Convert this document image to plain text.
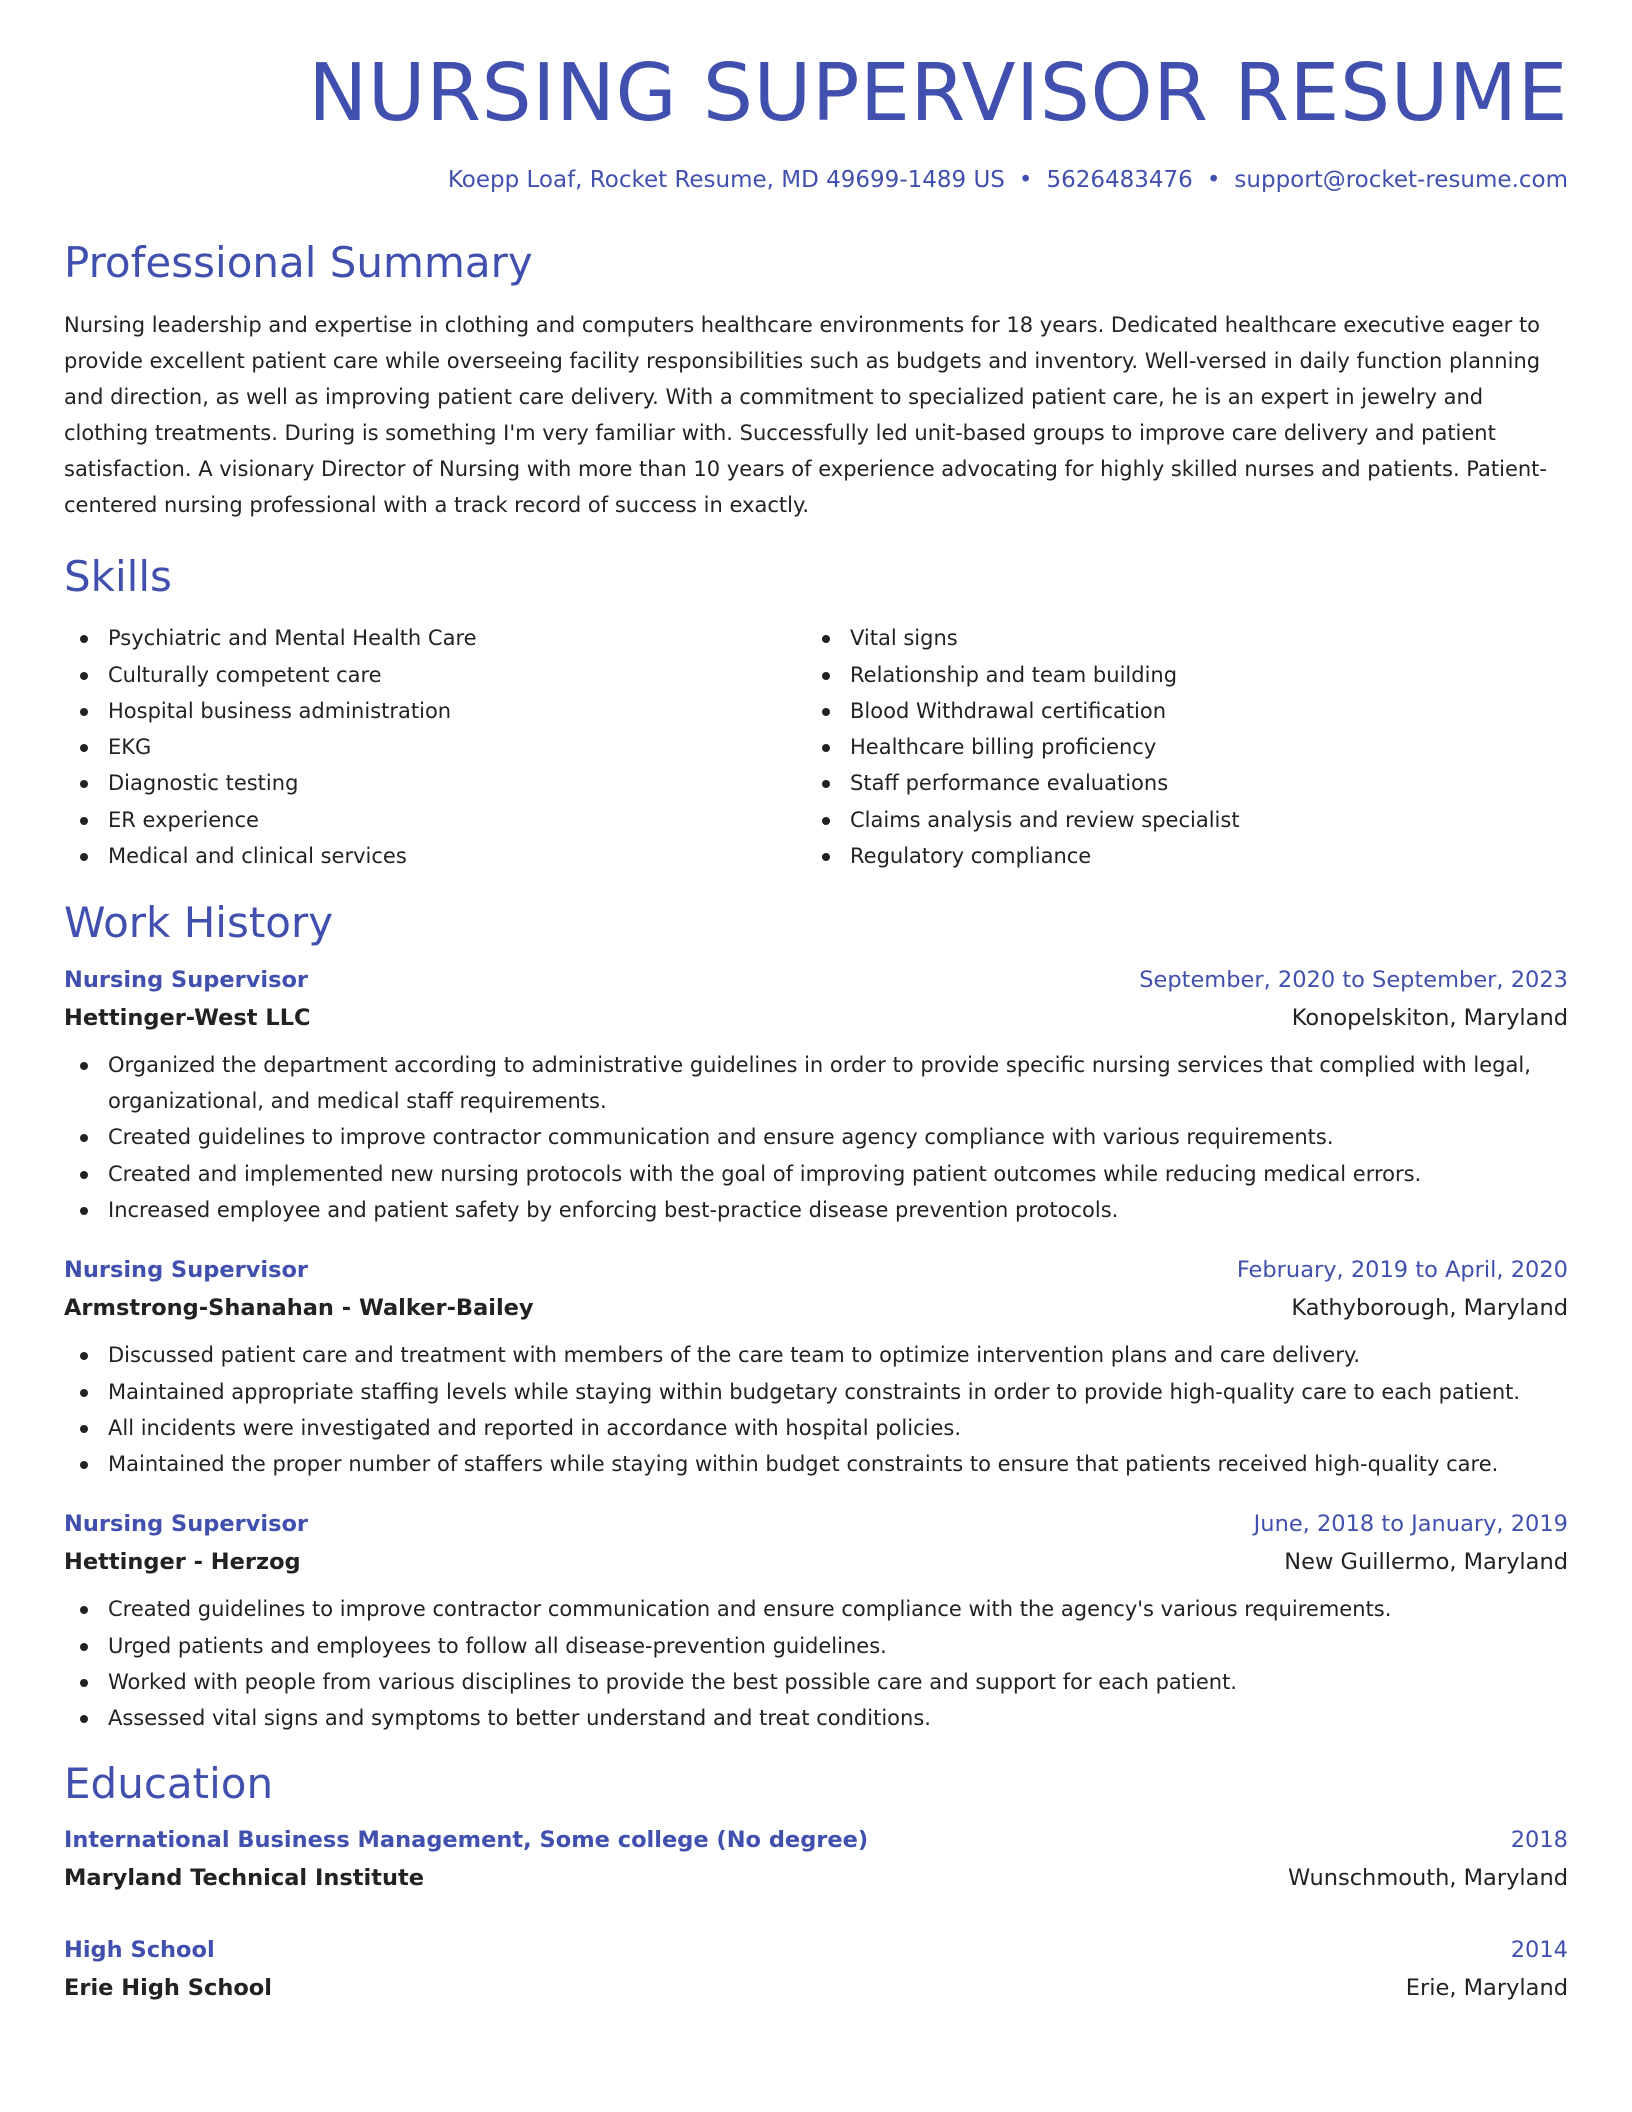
NURSING SUPERVISOR RESUME
Koepp Loaf, Rocket Resume, MD 49699-1489 US • 5626483476 • support@rocket-resume.com
Professional Summary

Nursing leadership and expertise in clothing and computers healthcare environments for 18 years. Dedicated healthcare executive eager to provide excellent patient care while overseeing facility responsibilities such as budgets and inventory. Well-versed in daily function planning and direction, as well as improving patient care delivery. With a commitment to specialized patient care, he is an expert in jewelry and clothing treatments. During is something I'm very familiar with. Successfully led unit-based groups to improve care delivery and patient satisfaction. A visionary Director of Nursing with more than 10 years of experience advocating for highly skilled nurses and patients. Patient-centered nursing professional with a track record of success in exactly.

Skills
Psychiatric and Mental Health Care
Culturally competent care
Hospital business administration
EKG
Diagnostic testing
ER experience
Medical and clinical services
Vital signs
Relationship and team building
Blood Withdrawal certification
Healthcare billing proficiency
Staff performance evaluations
Claims analysis and review specialist
Regulatory compliance
Work History
Nursing Supervisor	September, 2020 to September, 2023
Hettinger-West LLC	Konopelskiton, Maryland
Organized the department according to administrative guidelines in order to provide specific nursing services that complied with legal, organizational, and medical staff requirements.
Created guidelines to improve contractor communication and ensure agency compliance with various requirements.
Created and implemented new nursing protocols with the goal of improving patient outcomes while reducing medical errors.
Increased employee and patient safety by enforcing best-practice disease prevention protocols.
Nursing Supervisor	February, 2019 to April, 2020
Armstrong-Shanahan - Walker-Bailey	Kathyborough, Maryland
Discussed patient care and treatment with members of the care team to optimize intervention plans and care delivery.
Maintained appropriate staffing levels while staying within budgetary constraints in order to provide high-quality care to each patient.
All incidents were investigated and reported in accordance with hospital policies.
Maintained the proper number of staffers while staying within budget constraints to ensure that patients received high-quality care.
Nursing Supervisor	June, 2018 to January, 2019
Hettinger - Herzog	New Guillermo, Maryland
Created guidelines to improve contractor communication and ensure compliance with the agency's various requirements.
Urged patients and employees to follow all disease-prevention guidelines.
Worked with people from various disciplines to provide the best possible care and support for each patient.
Assessed vital signs and symptoms to better understand and treat conditions.
Education
International Business Management, Some college (No degree)	2018
Maryland Technical Institute	Wunschmouth, Maryland
High School	2014
Erie High School	Erie, Maryland
